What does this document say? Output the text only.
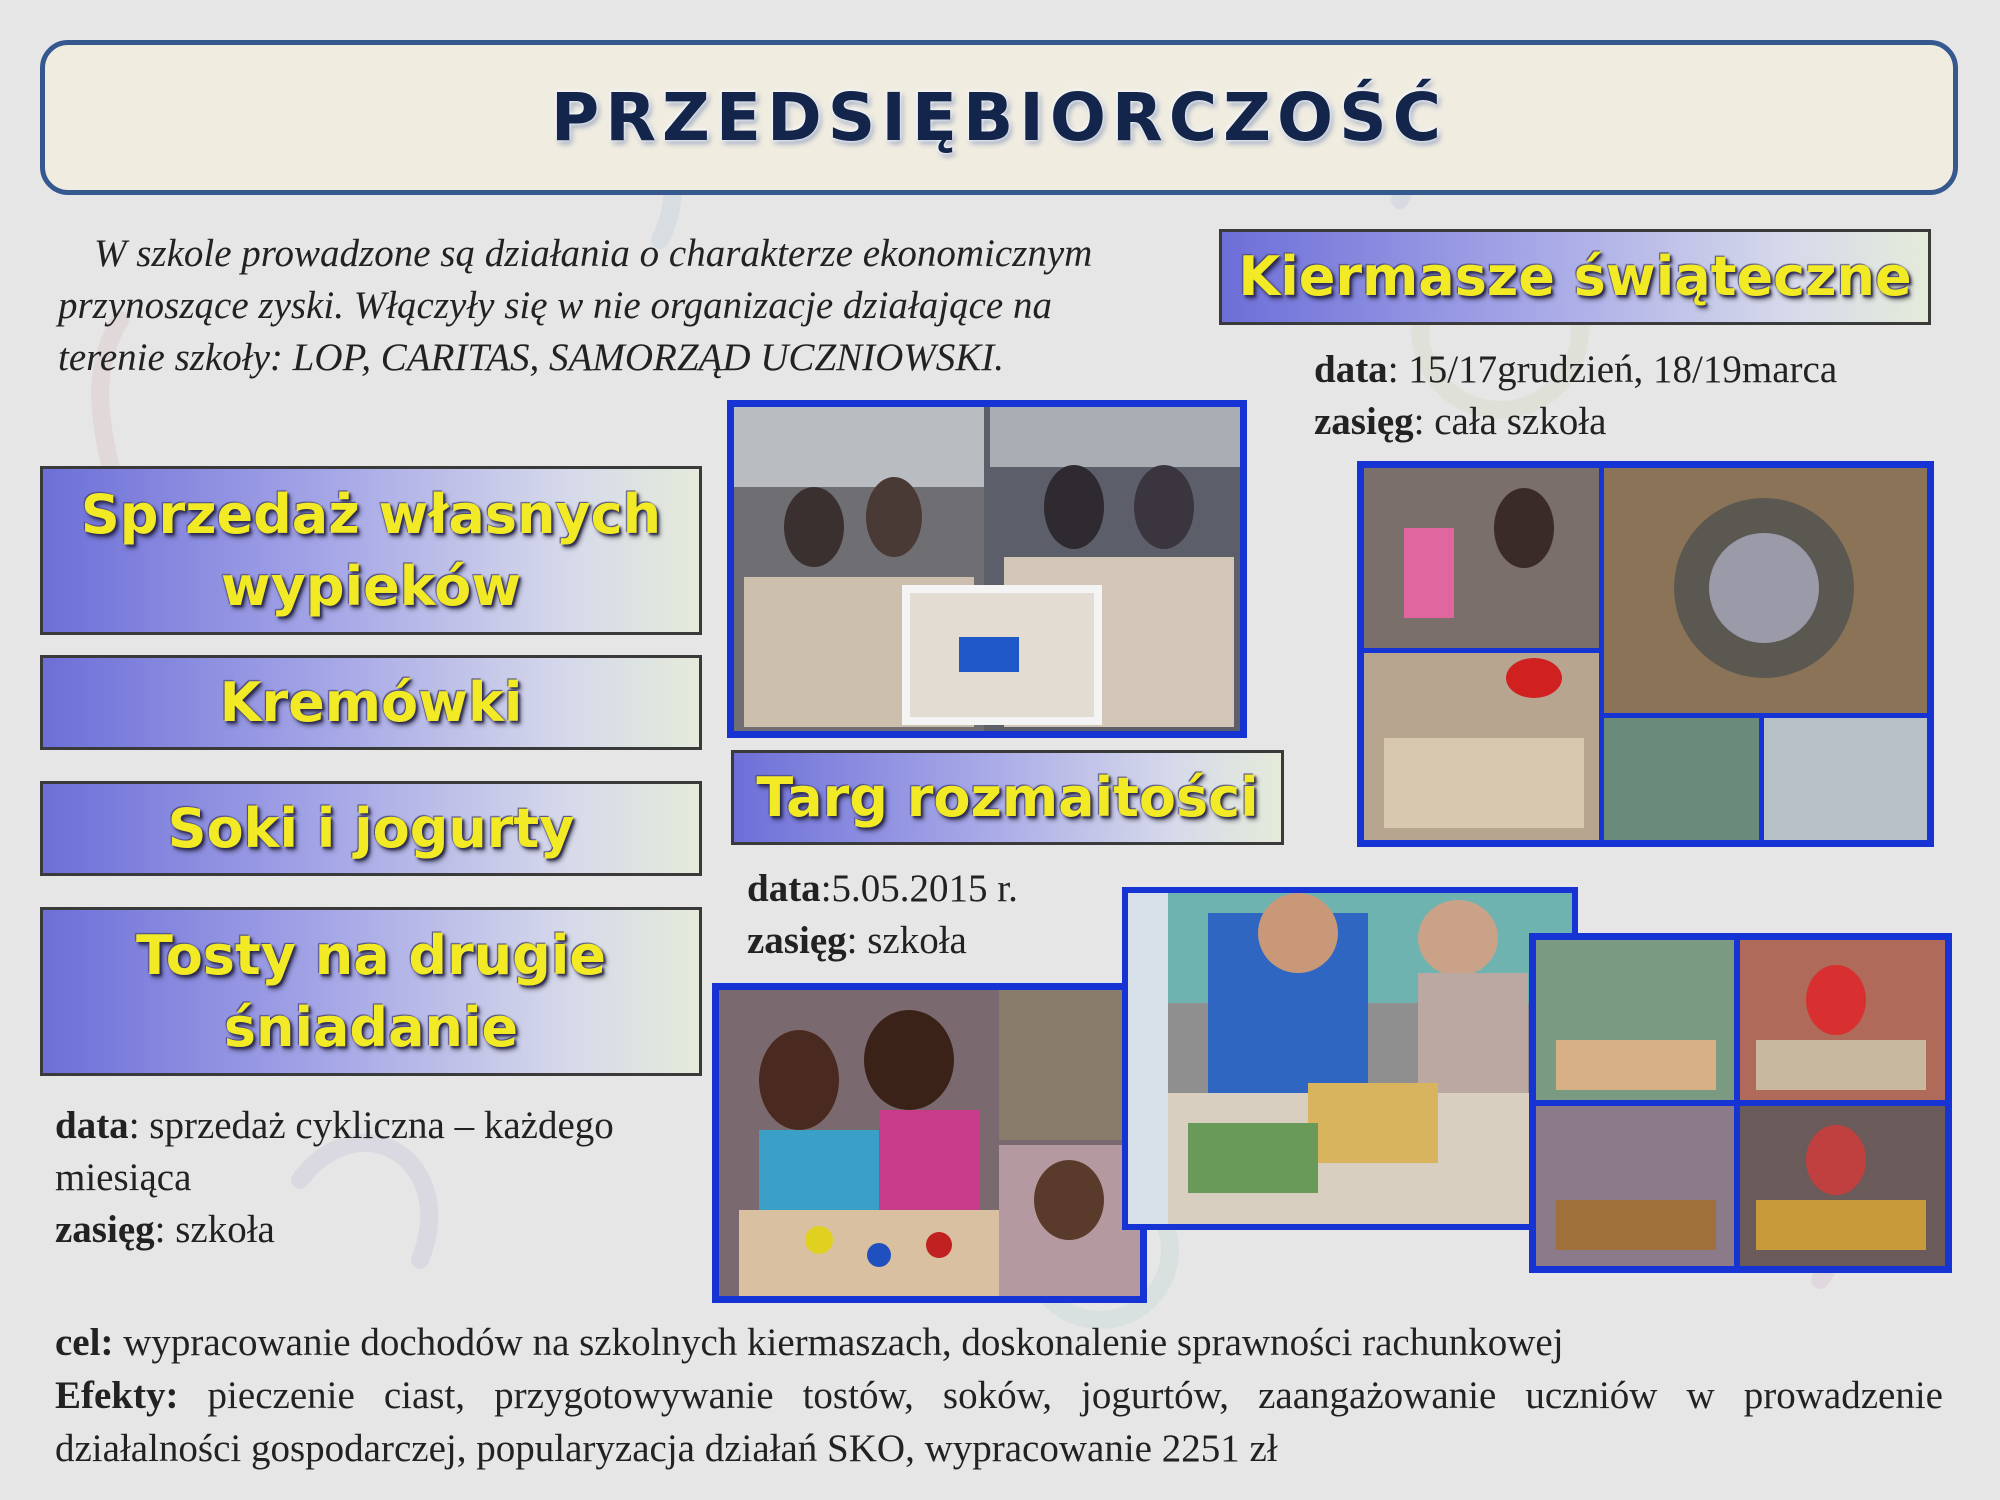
PRZEDSIĘBIORCZOŚĆ

W szkole prowadzone są działania o charakterze ekonomicznym przynoszące zyski. Włączyły się w nie organizacje działające na terenie szkoły: LOP, CARITAS, SAMORZĄD UCZNIOWSKI.

Sprzedaż własnych
wypieków
Kremówki
Soki i jogurty
Tosty na drugie
śniadanie

data: sprzedaż cykliczna – każdego miesiąca
zasięg: szkoła

Targ rozmaitości

data:5.05.2015 r.
zasięg: szkoła

Kiermasze świąteczne

data: 15/17grudzień, 18/19marca
zasięg: cała szkoła

cel: wypracowanie dochodów na szkolnych kiermaszach, doskonalenie sprawności rachunkowej
Efekty: pieczenie ciast, przygotowywanie tostów, soków, jogurtów, zaangażowanie uczniów w prowadzenie działalności gospodarczej, popularyzacja działań SKO, wypracowanie 2251 zł
